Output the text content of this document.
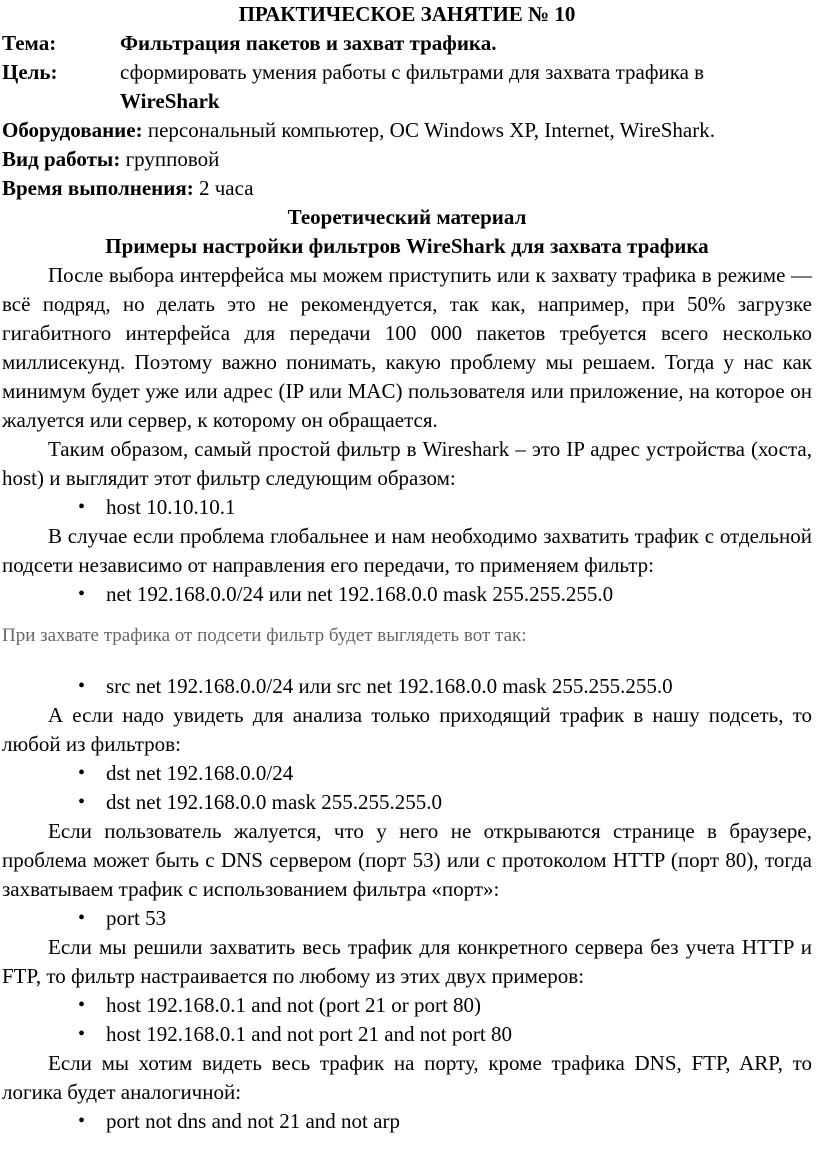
ПРАКТИЧЕСКОЕ ЗАНЯТИЕ № 10
Тема:	Фильтрация пакетов и захват трафика.
Цель:	сформировать умения работы с фильтрами для захвата трафика в
WireShark
Оборудование: персональный компьютер, ОС Windows XP, Internet, WireShark.
Вид работы: групповой
Время выполнения: 2 часа
Теоретический материал
Примеры настройки фильтров WireShark для захвата трафика

После выбора интерфейса мы можем приступить или к захвату трафика в режиме — всё подряд, но делать это не рекомендуется, так как, например, при 50% загрузке гигабитного интерфейса для передачи 100 000 пакетов требуется всего несколько миллисекунд. Поэтому важно понимать, какую проблему мы решаем. Тогда у нас как минимум будет уже или адрес (IP или MAC) пользователя или приложение, на которое он жалуется или сервер, к которому он обращается.

Таким образом, самый простой фильтр в Wireshark – это IP адрес устройства (хоста, host) и выглядит этот фильтр следующим образом:

• host 10.10.10.1

В случае если проблема глобальнее и нам необходимо захватить трафик с отдельной подсети независимо от направления его передачи, то применяем фильтр:

• net 192.168.0.0/24 или net 192.168.0.0 mask 255.255.255.0

При захвате трафика от подсети фильтр будет выглядеть вот так:

• src net 192.168.0.0/24 или src net 192.168.0.0 mask 255.255.255.0

А если надо увидеть для анализа только приходящий трафик в нашу подсеть, то любой из фильтров:

• dst net 192.168.0.0/24
• dst net 192.168.0.0 mask 255.255.255.0

Если пользователь жалуется, что у него не открываются странице в браузере, проблема может быть с DNS сервером (порт 53) или с протоколом HTTP (порт 80), тогда захватываем трафик с использованием фильтра «порт»:

• port 53

Если мы решили захватить весь трафик для конкретного сервера без учета HTTP и FTP, то фильтр настраивается по любому из этих двух примеров:

• host 192.168.0.1 and not (port 21 or port 80)
• host 192.168.0.1 and not port 21 and not port 80

Если мы хотим видеть весь трафик на порту, кроме трафика DNS, FTP, ARP, то логика будет аналогичной:

• port not dns and not 21 and not arp
